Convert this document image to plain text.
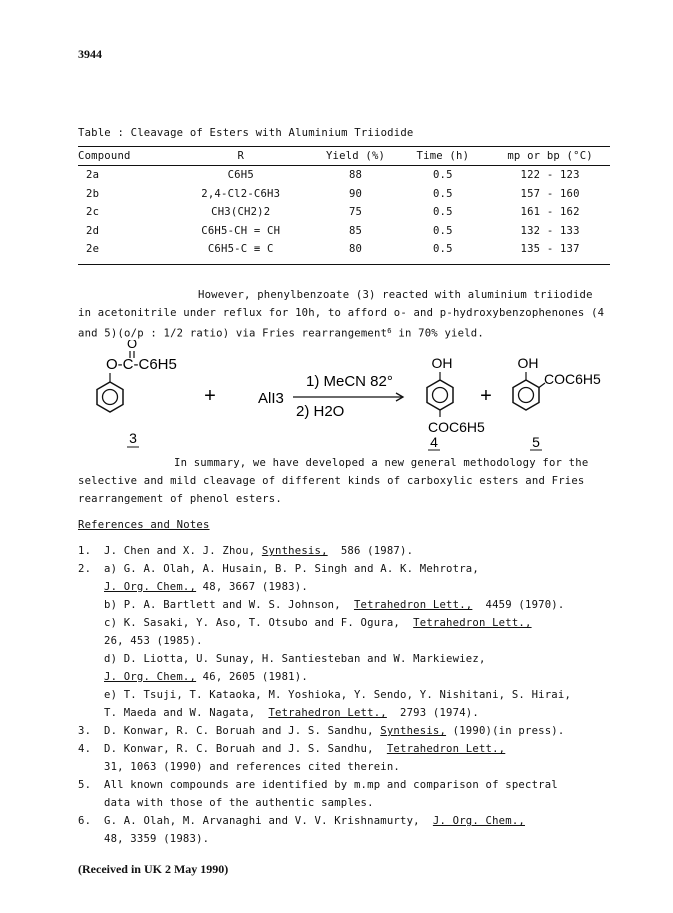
3944
Table : Cleavage of Esters with Aluminium Triiodide
Compound	R	Yield (%)	Time (h)	mp or bp (°C)
2a	C6H5	88	0.5	122 - 123
2b	2,4-Cl2-C6H3	90	0.5	157 - 160
2c	CH3(CH2)2	75	0.5	161 - 162
2d	C6H5-CH = CH	85	0.5	132 - 133
2e	C6H5-C ≡ C	80	0.5	135 - 137
However, phenylbenzoate (3) reacted with aluminium triiodide in acetonitrile under reflux for 10h, to afford o- and p-hydroxybenzophenones (4 and 5)(o/p : 1/2 ratio) via Fries rearrangement$^6$ in 70% yield.
O
O-C-C6H5
3
+	AlI3
1) MeCN 82°
2) H2O
OH
COC6H5
4
+
OH
COC6H5
5
In summary, we have developed a new general methodology for the selective and mild cleavage of different kinds of carboxylic esters and Fries rearrangement of phenol esters.
References and Notes
1. J. Chen and X. J. Zhou, Synthesis, 586 (1987).
2. a) G. A. Olah, A. Husain, B. P. Singh and A. K. Mehrotra,
J. Org. Chem., 48, 3667 (1983).
b) P. A. Bartlett and W. S. Johnson, Tetrahedron Lett., 4459 (1970).
c) K. Sasaki, Y. Aso, T. Otsubo and F. Ogura, Tetrahedron Lett.,
26, 453 (1985).
d) D. Liotta, U. Sunay, H. Santiesteban and W. Markiewiez,
J. Org. Chem., 46, 2605 (1981).
e) T. Tsuji, T. Kataoka, M. Yoshioka, Y. Sendo, Y. Nishitani, S. Hirai,
T. Maeda and W. Nagata, Tetrahedron Lett., 2793 (1974).
3. D. Konwar, R. C. Boruah and J. S. Sandhu, Synthesis, (1990)(in press).
4. D. Konwar, R. C. Boruah and J. S. Sandhu, Tetrahedron Lett.,
31, 1063 (1990) and references cited therein.
5. All known compounds are identified by m.mp and comparison of spectral
data with those of the authentic samples.
6. G. A. Olah, M. Arvanaghi and V. V. Krishnamurty, J. Org. Chem.,
48, 3359 (1983).
(Received in UK 2 May 1990)
